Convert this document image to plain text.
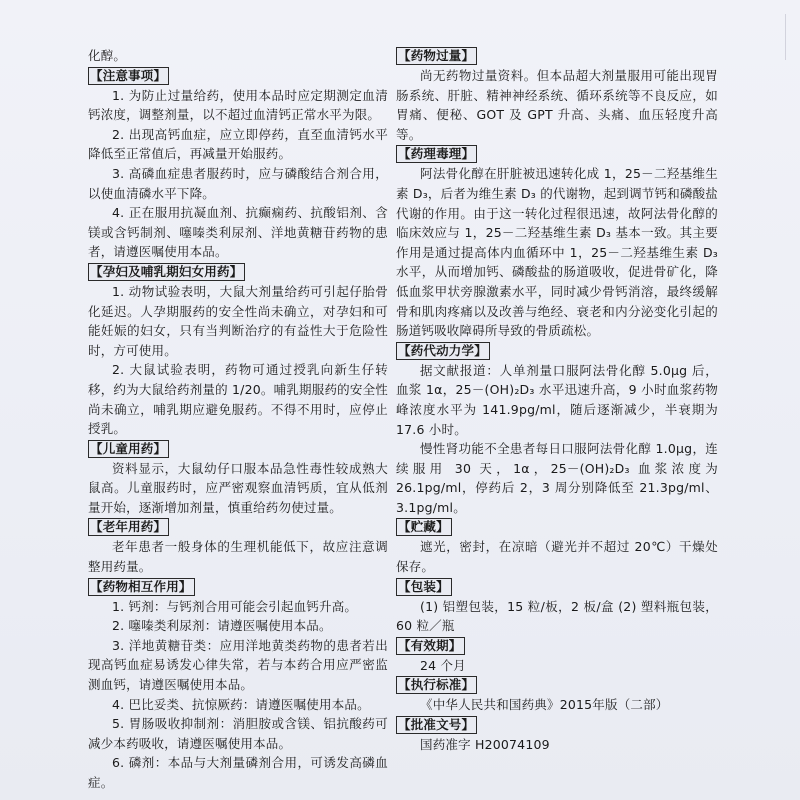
化醇。

【注意事项】

1. 为防止过量给药，使用本品时应定期测定血清钙浓度，调整剂量，以不超过血清钙正常水平为限。

2. 出现高钙血症，应立即停药，直至血清钙水平降低至正常值后，再减量开始服药。

3. 高磷血症患者服药时，应与磷酸结合剂合用，以使血清磷水平下降。

4. 正在服用抗凝血剂、抗癫痫药、抗酸铝剂、含镁或含钙制剂、噻嗪类利尿剂、洋地黄糖苷药物的患者，请遵医嘱使用本品。

【孕妇及哺乳期妇女用药】

1. 动物试验表明，大鼠大剂量给药可引起仔胎骨化延迟。人孕期服药的安全性尚未确立，对孕妇和可能妊娠的妇女，只有当判断治疗的有益性大于危险性时，方可使用。

2. 大鼠试验表明，药物可通过授乳向新生仔转移，约为大鼠给药剂量的 1/20。哺乳期服药的安全性尚未确立，哺乳期应避免服药。不得不用时，应停止授乳。

【儿童用药】

资料显示，大鼠幼仔口服本品急性毒性较成熟大鼠高。儿童服药时，应严密观察血清钙质，宜从低剂量开始，逐渐增加剂量，慎重给药勿使过量。

【老年用药】

老年患者一般身体的生理机能低下，故应注意调整用药量。

【药物相互作用】

1. 钙剂：与钙剂合用可能会引起血钙升高。

2. 噻嗪类利尿剂：请遵医嘱使用本品。

3. 洋地黄糖苷类：应用洋地黄类药物的患者若出现高钙血症易诱发心律失常，若与本药合用应严密监测血钙，请遵医嘱使用本品。

4. 巴比妥类、抗惊厥药：请遵医嘱使用本品。

5. 胃肠吸收抑制剂：消胆胺或含镁、铝抗酸药可减少本药吸收，请遵医嘱使用本品。

6. 磷剂：本品与大剂量磷剂合用，可诱发高磷血症。

【药物过量】

尚无药物过量资料。但本品超大剂量服用可能出现胃肠系统、肝脏、精神神经系统、循环系统等不良反应，如胃痛、便秘、GOT 及 GPT 升高、头痛、血压轻度升高等。

【药理毒理】

阿法骨化醇在肝脏被迅速转化成 1，25－二羟基维生素 D₃，后者为维生素 D₃ 的代谢物，起到调节钙和磷酸盐代谢的作用。由于这一转化过程很迅速，故阿法骨化醇的临床效应与 1，25－二羟基维生素 D₃ 基本一致。其主要作用是通过提高体内血循环中 1，25－二羟基维生素 D₃ 水平，从而增加钙、磷酸盐的肠道吸收，促进骨矿化，降低血浆甲状旁腺激素水平，同时减少骨钙消溶，最终缓解骨和肌肉疼痛以及改善与绝经、衰老和内分泌变化引起的肠道钙吸收障碍所导致的骨质疏松。

【药代动力学】

据文献报道：人单剂量口服阿法骨化醇 5.0μg 后，血浆 1α，25－(OH)₂D₃ 水平迅速升高，9 小时血浆药物峰浓度水平为 141.9pg/ml，随后逐渐减少，半衰期为 17.6 小时。

慢性肾功能不全患者每日口服阿法骨化醇 1.0μg，连续服用 30 天，1α，25－(OH)₂D₃ 血浆浓度为 26.1pg/ml，停药后 2，3 周分别降低至 21.3pg/ml、3.1pg/ml。

【贮藏】

遮光，密封，在凉暗（避光并不超过 20℃）干燥处保存。

【包装】

(1) 铝塑包装，15 粒/板，2 板/盒 (2) 塑料瓶包装，60 粒／瓶

【有效期】

24 个月

【执行标准】

《中华人民共和国药典》2015年版（二部）

【批准文号】

国药准字 H20074109
